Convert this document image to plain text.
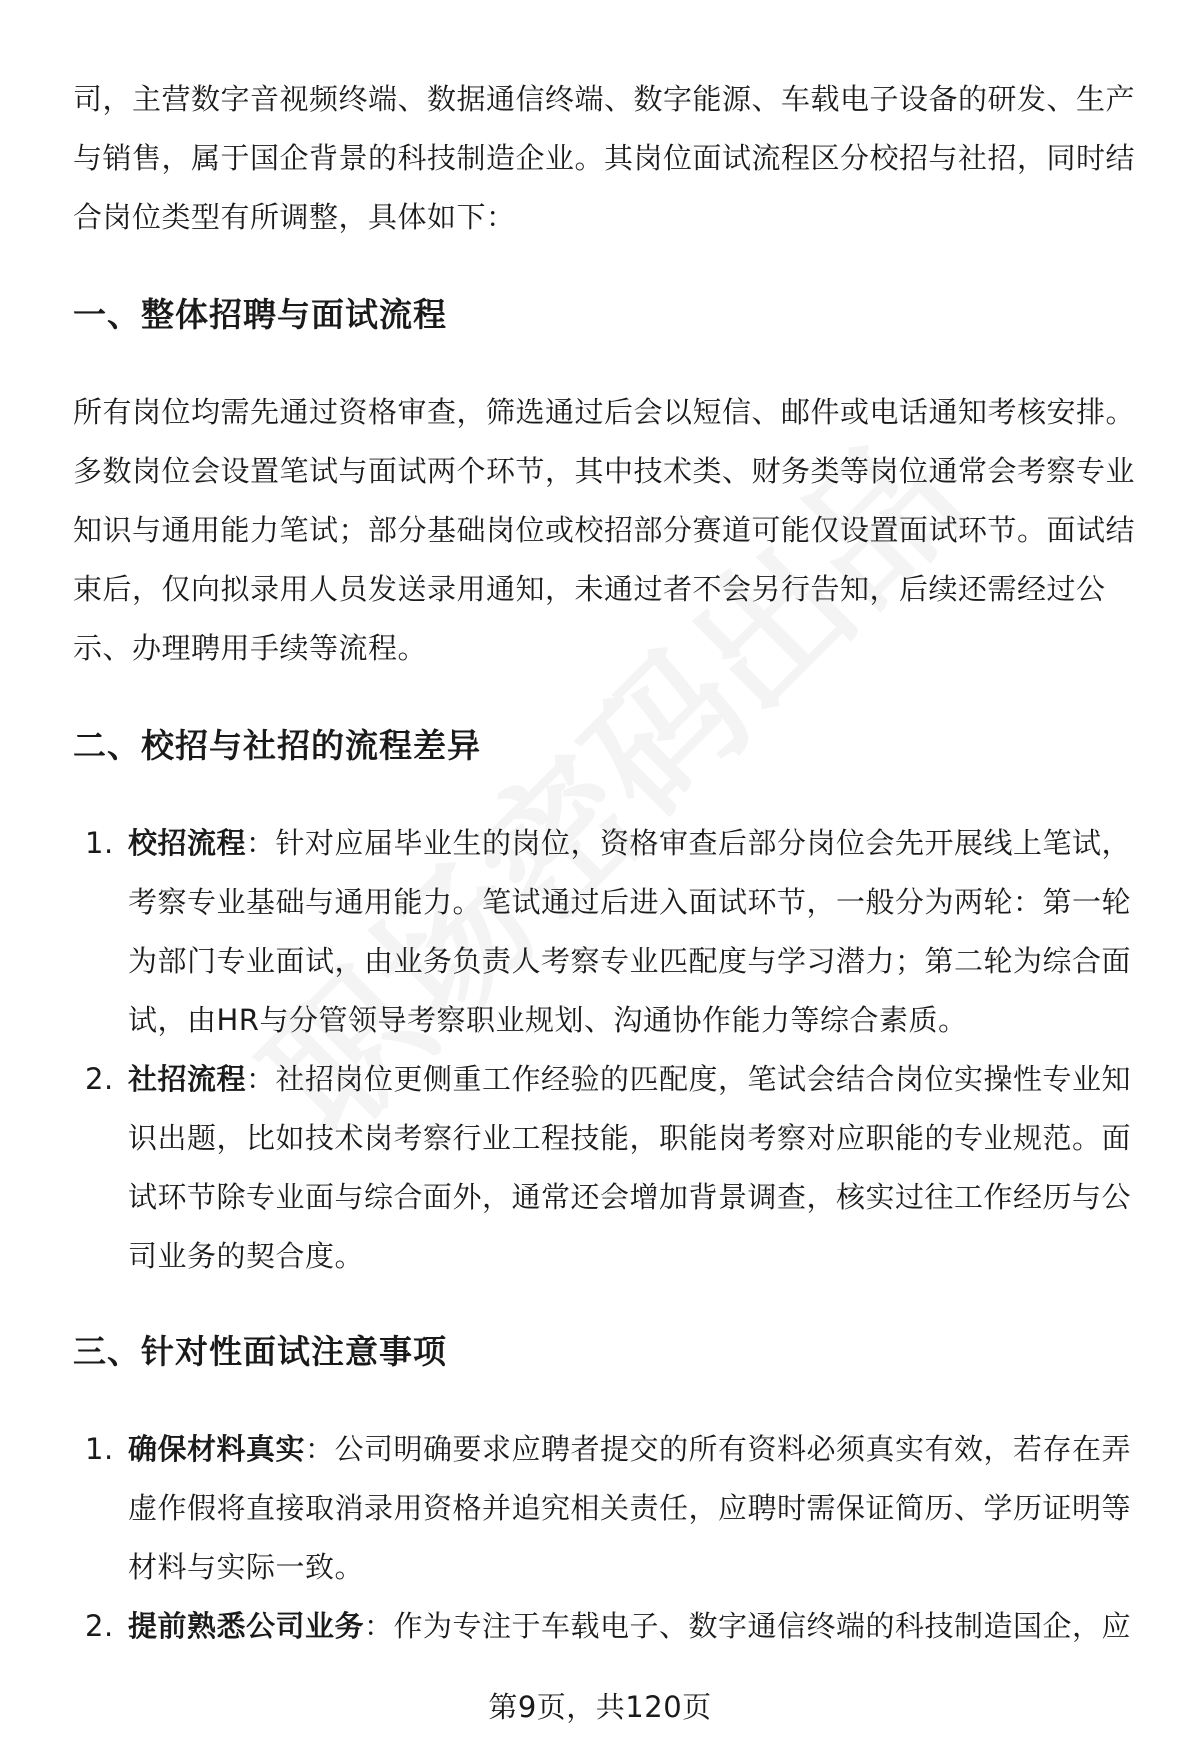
司，主营数字音视频终端、数据通信终端、数字能源、车载电子设备的研发、生产与销售，属于国企背景的科技制造企业。其岗位面试流程区分校招与社招，同时结合岗位类型有所调整，具体如下：

一、整体招聘与面试流程

所有岗位均需先通过资格审查，筛选通过后会以短信、邮件或电话通知考核安排。多数岗位会设置笔试与面试两个环节，其中技术类、财务类等岗位通常会考察专业知识与通用能力笔试；部分基础岗位或校招部分赛道可能仅设置面试环节。面试结束后，仅向拟录用人员发送录用通知，未通过者不会另行告知，后续还需经过公示、办理聘用手续等流程。

二、校招与社招的流程差异
1. 校招流程：针对应届毕业生的岗位，资格审查后部分岗位会先开展线上笔试，考察专业基础与通用能力。笔试通过后进入面试环节，一般分为两轮：第一轮为部门专业面试，由业务负责人考察专业匹配度与学习潜力；第二轮为综合面试，由HR与分管领导考察职业规划、沟通协作能力等综合素质。
2. 社招流程：社招岗位更侧重工作经验的匹配度，笔试会结合岗位实操性专业知识出题，比如技术岗考察行业工程技能，职能岗考察对应职能的专业规范。面试环节除专业面与综合面外，通常还会增加背景调查，核实过往工作经历与公司业务的契合度。
三、针对性面试注意事项
1. 确保材料真实：公司明确要求应聘者提交的所有资料必须真实有效，若存在弄虚作假将直接取消录用资格并追究相关责任，应聘时需保证简历、学历证明等材料与实际一致。
2. 提前熟悉公司业务：作为专注于车载电子、数字通信终端的科技制造国企，应
第9页，共120页
